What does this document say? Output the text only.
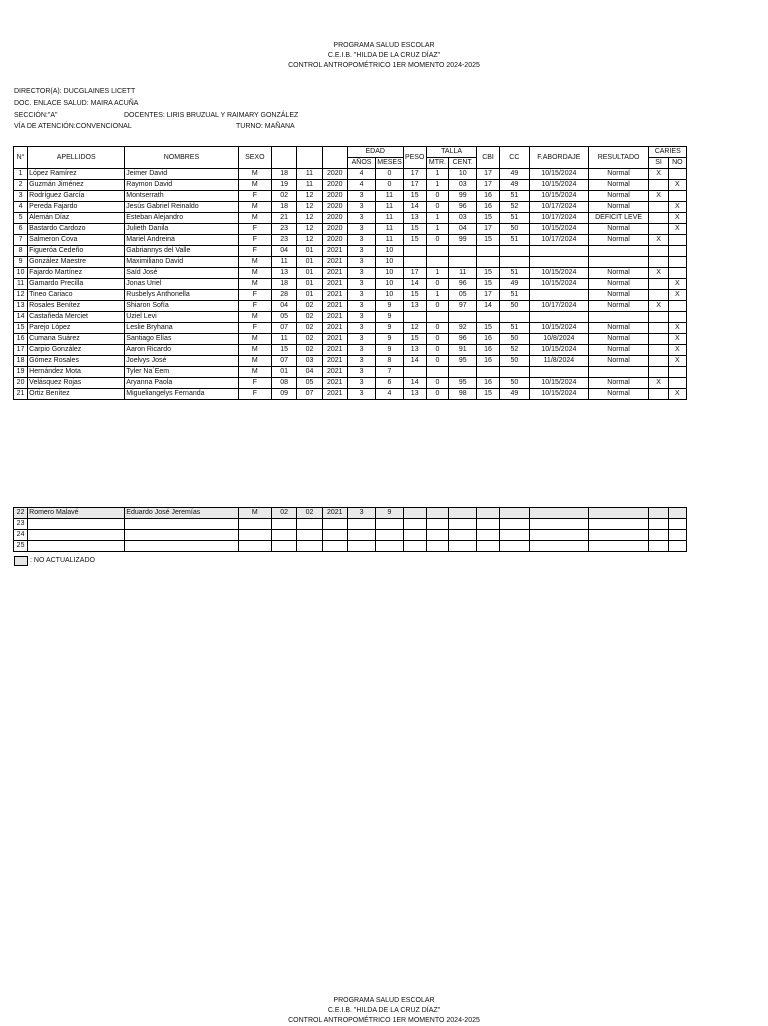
PROGRAMA SALUD ESCOLAR
C.E.I.B. "HILDA DE LA CRUZ DÍAZ"
CONTROL ANTROPOMÉTRICO 1ER MOMENTO 2024-2025
DIRECTOR(A): DUCGLAINES LICETT
DOC. ENLACE SALUD: MAIRA ACUÑA
SECCIÓN:"A"	DOCENTES: LIRIS BRUZUAL Y RAIMARY GONZÁLEZ
VÍA DE ATENCIÓN:CONVENCIONAL	TURNO: MAÑANA
N°	APELLIDOS	NOMBRES	SEXO				EDAD		PESO	TALLA		CBI	CC	F.ABORDAJE	RESULTADO	CARIES	
							AÑOS	MESES		MTR.	CENT.					SI	NO
1	López Ramírez	Jeimer David	M	18	11	2020	4	0	17	1	10	17	49	10/15/2024	Normal	X	
2	Guzmán Jiménez	Raymon David	M	19	11	2020	4	0	17	1	03	17	49	10/15/2024	Normal		X
3	Rodríguez García	Montserrath	F	02	12	2020	3	11	15	0	99	16	51	10/15/2024	Normal	X	
4	Pereda Fajardo	Jesús Gabriel Reinaldo	M	18	12	2020	3	11	14	0	96	16	52	10/17/2024	Normal		X
5	Alemán Díaz	Esteban Alejandro	M	21	12	2020	3	11	13	1	03	15	51	10/17/2024	DEFICIT LEVE		X
6	Bastardo Cardozo	Julieth Danila	F	23	12	2020	3	11	15	1	04	17	50	10/15/2024	Normal		X
7	Salmeron Cova	Mariel Andreina	F	23	12	2020	3	11	15	0	99	15	51	10/17/2024	Normal	X	
8	Figueróa Cedeño	Gabriannys del Valle	F	04	01	2021	3	10									
9	González Maestre	Maximiliano David	M	11	01	2021	3	10									
10	Fajardo Martínez	Saíd José	M	13	01	2021	3	10	17	1	11	15	51	10/15/2024	Normal	X	
11	Gamardo Precilla	Jonas Uriel	M	18	01	2021	3	10	14	0	96	15	49	10/15/2024	Normal		X
12	Tineo Cariaco	Rusbelys Anthonella	F	28	01	2021	3	10	15	1	05	17	51		Normal		X
13	Rosales Benítez	Shiaron Sofía	F	04	02	2021	3	9	13	0	97	14	50	10/17/2024	Normal	X	
14	Castañeda Merciet	Uziel Levi	M	05	02	2021	3	9									
15	Parejo López	Leslie Bryhana	F	07	02	2021	3	9	12	0	92	15	51	10/15/2024	Normal		X
16	Cumana Suárez	Santiago Elías	M	11	02	2021	3	9	15	0	96	16	50	10/8/2024	Normal		X
17	Carpio González	Aaron Ricardo	M	15	02	2021	3	9	13	0	91	16	52	10/15/2024	Normal		X
18	Gómez Rosales	Joelvys José	M	07	03	2021	3	8	14	0	95	16	50	11/8/2024	Normal		X
19	Hernández Mota	Tyler Na´Eem	M	01	04	2021	3	7									
20	Velásquez Rojas	Aryanna Paola	F	08	05	2021	3	6	14	0	95	16	50	10/15/2024	Normal	X	
21	Ortiz Benítez	Migueliangelys Fernanda	F	09	07	2021	3	4	13	0	98	15	49	10/15/2024	Normal		X
22	Romero Malavé	Eduardo José Jeremías	M	02	02	2021	3	9									
23																	
24																	
25																	
: NO ACTUALIZADO
PROGRAMA SALUD ESCOLAR
C.E.I.B. "HILDA DE LA CRUZ DÍAZ"
CONTROL ANTROPOMÉTRICO 1ER MOMENTO 2024-2025
